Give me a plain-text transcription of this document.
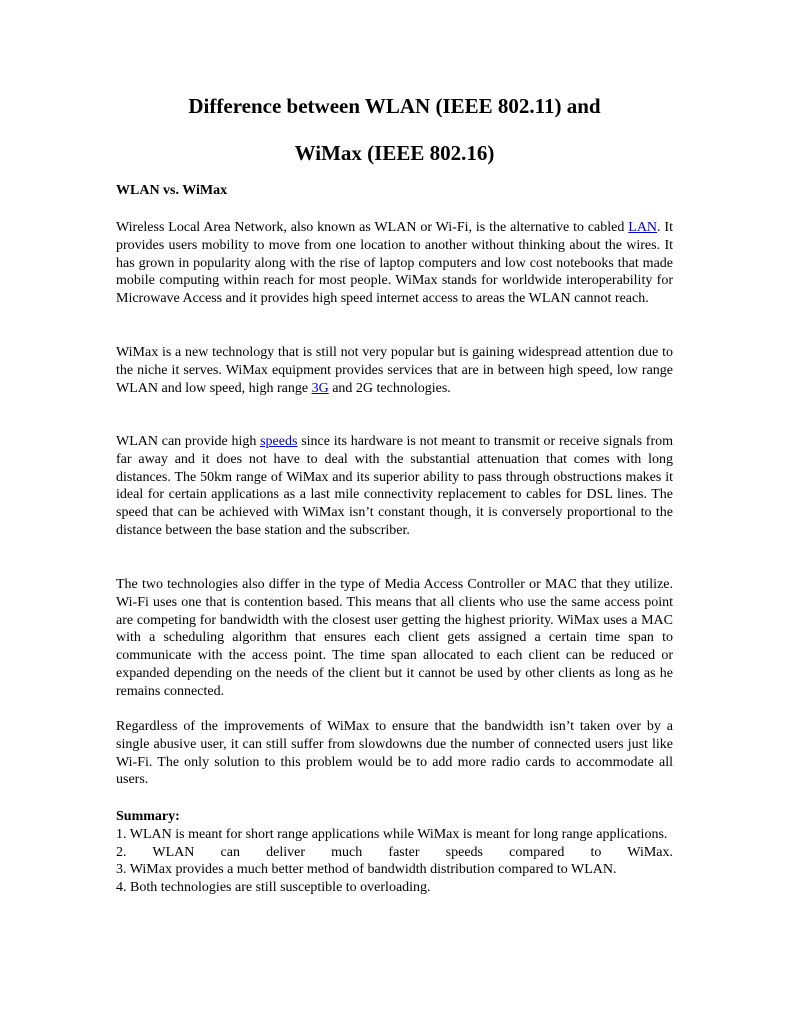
Difference between WLAN (IEEE 802.11) and
WiMax (IEEE 802.16)
WLAN vs. WiMax

Wireless Local Area Network, also known as WLAN or Wi-Fi, is the alternative to cabled LAN. It provides users mobility to move from one location to another without thinking about the wires. It has grown in popularity along with the rise of laptop computers and low cost notebooks that made mobile computing within reach for most people. WiMax stands for worldwide interoperability for Microwave Access and it provides high speed internet access to areas the WLAN cannot reach.

WiMax is a new technology that is still not very popular but is gaining widespread attention due to the niche it serves. WiMax equipment provides services that are in between high speed, low range WLAN and low speed, high range 3G and 2G technologies.

WLAN can provide high speeds since its hardware is not meant to transmit or receive signals from far away and it does not have to deal with the substantial attenuation that comes with long distances. The 50km range of WiMax and its superior ability to pass through obstructions makes it ideal for certain applications as a last mile connectivity replacement to cables for DSL lines. The speed that can be achieved with WiMax isn’t constant though, it is conversely proportional to the distance between the base station and the subscriber.

The two technologies also differ in the type of Media Access Controller or MAC that they utilize. Wi-Fi uses one that is contention based. This means that all clients who use the same access point are competing for bandwidth with the closest user getting the highest priority. WiMax uses a MAC with a scheduling algorithm that ensures each client gets assigned a certain time span to communicate with the access point. The time span allocated to each client can be reduced or expanded depending on the needs of the client but it cannot be used by other clients as long as he remains connected.

Regardless of the improvements of WiMax to ensure that the bandwidth isn’t taken over by a single abusive user, it can still suffer from slowdowns due the number of connected users just like Wi-Fi. The only solution to this problem would be to add more radio cards to accommodate all users.

Summary:
1. WLAN is meant for short range applications while WiMax is meant for long range applications.
2. WLAN can deliver much faster speeds compared to WiMax.
3. WiMax provides a much better method of bandwidth distribution compared to WLAN.
4. Both technologies are still susceptible to overloading.
